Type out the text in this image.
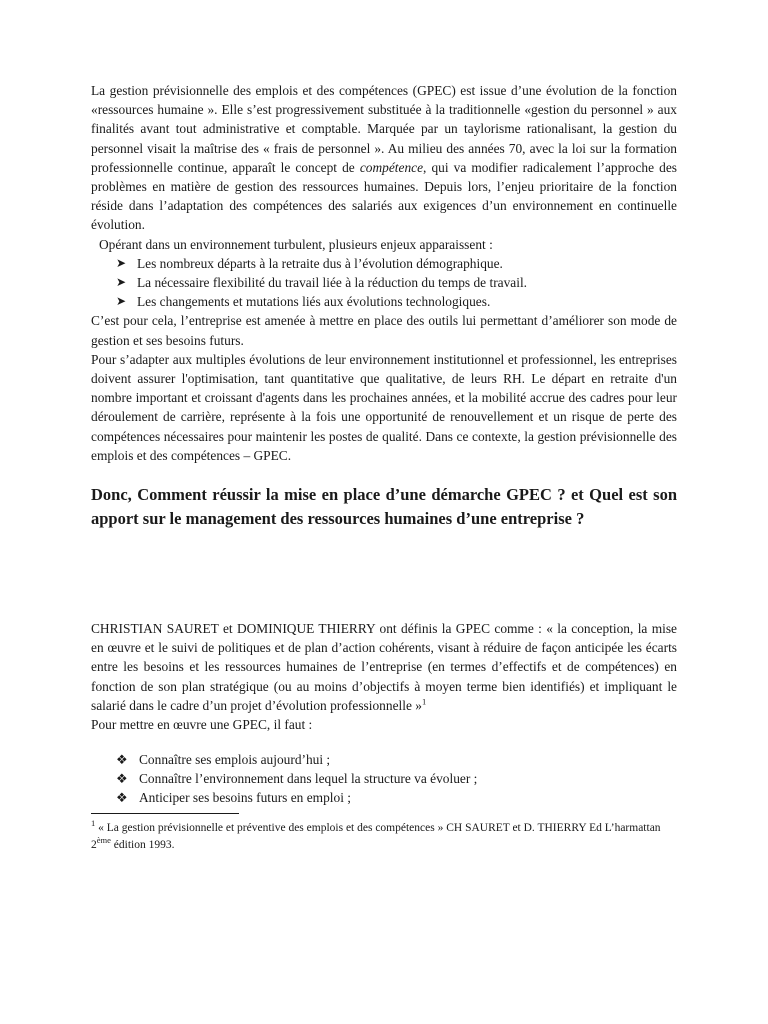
La gestion prévisionnelle des emplois et des compétences (GPEC) est issue d’une évolution de la fonction «ressources humaine ». Elle s’est progressivement substituée à la traditionnelle «gestion du personnel » aux finalités avant tout administrative et comptable. Marquée par un taylorisme rationalisant, la gestion du personnel visait la maîtrise des « frais de personnel ». Au milieu des années 70, avec la loi sur la formation professionnelle continue, apparaît le concept de compétence, qui va modifier radicalement l’approche des problèmes en matière de gestion des ressources humaines. Depuis lors, l’enjeu prioritaire de la fonction réside dans l’adaptation des compétences des salariés aux exigences d’un environnement en continuelle évolution.

Opérant dans un environnement turbulent, plusieurs enjeux apparaissent :

➤ Les nombreux départs à la retraite dus à l’évolution démographique.
➤ La nécessaire flexibilité du travail liée à la réduction du temps de travail.
➤ Les changements et mutations liés aux évolutions technologiques.

C’est pour cela, l’entreprise est amenée à mettre en place des outils lui permettant d’améliorer son mode de gestion et ses besoins futurs.

Pour s’adapter aux multiples évolutions de leur environnement institutionnel et professionnel, les entreprises doivent assurer l'optimisation, tant quantitative que qualitative, de leurs RH. Le départ en retraite d'un nombre important et croissant d'agents dans les prochaines années, et la mobilité accrue des cadres pour leur déroulement de carrière, représente à la fois une opportunité de renouvellement et un risque de perte des compétences nécessaires pour maintenir les postes de qualité. Dans ce contexte, la gestion prévisionnelle des emplois et des compétences – GPEC.

Donc, Comment réussir la mise en place d’une démarche GPEC ? et Quel est son apport sur le management des ressources humaines d’une entreprise ?

CHRISTIAN SAURET et DOMINIQUE THIERRY ont définis la GPEC comme : « la conception, la mise en œuvre et le suivi de politiques et de plan d’action cohérents, visant à réduire de façon anticipée les écarts entre les besoins et les ressources humaines de l’entreprise (en termes d’effectifs et de compétences) en fonction de son plan stratégique (ou au moins d’objectifs à moyen terme bien identifiés) et impliquant le salarié dans le cadre d’un projet d’évolution professionnelle »$^1$

Pour mettre en œuvre une GPEC, il faut :

❖ Connaître ses emplois aujourd’hui ;
❖ Connaître l’environnement dans lequel la structure va évoluer ;
❖ Anticiper ses besoins futurs en emploi ;

$^1$ « La gestion prévisionnelle et préventive des emplois et des compétences » CH SAURET et D. THIERRY Ed L’harmattan 2ème édition 1993.
